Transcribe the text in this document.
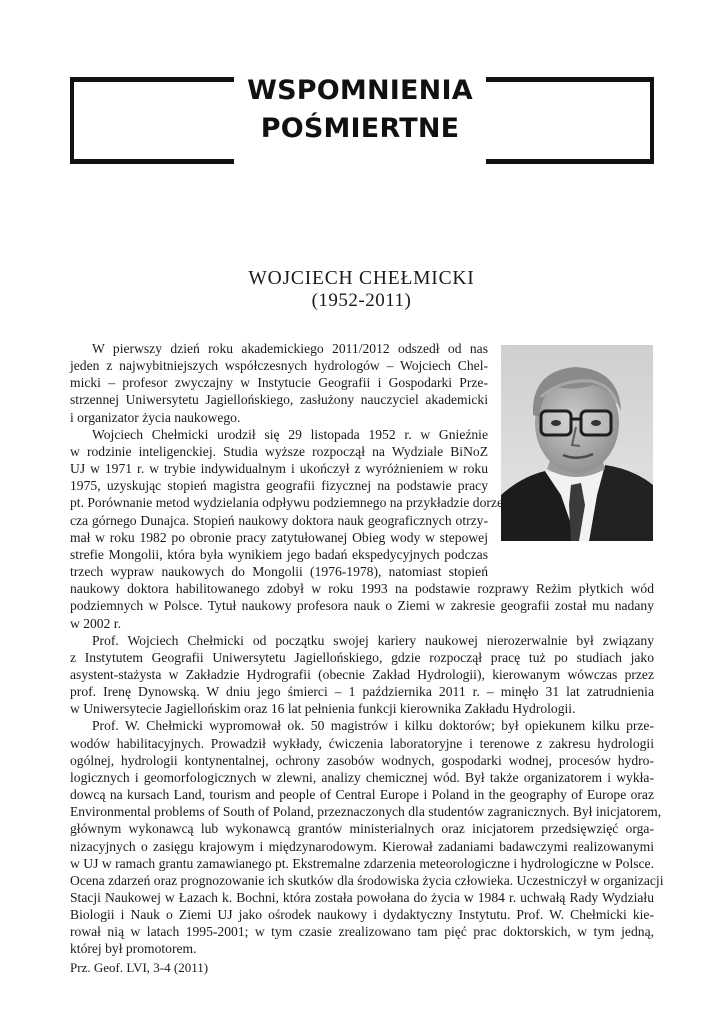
WSPOMNIENIA
POŚMIERTNE
WOJCIECH CHEŁMICKI
(1952-2011)
W pierwszy dzień roku akademickiego 2011/2012 odszedł od nas
jeden z najwybitniejszych współczesnych hydrologów – Wojciech Chel-
micki – profesor zwyczajny w Instytucie Geografii i Gospodarki Prze-
strzennej Uniwersytetu Jagiellońskiego, zasłużony nauczyciel akademicki
i organizator życia naukowego.
Wojciech Chełmicki urodził się 29 listopada 1952 r. w Gnieźnie
w rodzinie inteligenckiej. Studia wyższe rozpoczął na Wydziale BiNoZ
UJ w 1971 r. w trybie indywidualnym i ukończył z wyróżnieniem w roku
1975, uzyskując stopień magistra geografii fizycznej na podstawie pracy
pt. Porównanie metod wydzielania odpływu podziemnego na przykładzie dorze-
cza górnego Dunajca. Stopień naukowy doktora nauk geograficznych otrzy-
mał w roku 1982 po obronie pracy zatytułowanej Obieg wody w stepowej
strefie Mongolii, która była wynikiem jego badań ekspedycyjnych podczas
trzech wypraw naukowych do Mongolii (1976-1978), natomiast stopień
naukowy doktora habilitowanego zdobył w roku 1993 na podstawie rozprawy Reżim płytkich wód
podziemnych w Polsce. Tytuł naukowy profesora nauk o Ziemi w zakresie geografii został mu nadany
w 2002 r.
Prof. Wojciech Chełmicki od początku swojej kariery naukowej nierozerwalnie był związany
z Instytutem Geografii Uniwersytetu Jagiellońskiego, gdzie rozpoczął pracę tuż po studiach jako
asystent-stażysta w Zakładzie Hydrografii (obecnie Zakład Hydrologii), kierowanym wówczas przez
prof. Irenę Dynowską. W dniu jego śmierci – 1 października 2011 r. – minęło 31 lat zatrudnienia
w Uniwersytecie Jagiellońskim oraz 16 lat pełnienia funkcji kierownika Zakładu Hydrologii.
Prof. W. Chełmicki wypromował ok. 50 magistrów i kilku doktorów; był opiekunem kilku prze-
wodów habilitacyjnych. Prowadził wykłady, ćwiczenia laboratoryjne i terenowe z zakresu hydrologii
ogólnej, hydrologii kontynentalnej, ochrony zasobów wodnych, gospodarki wodnej, procesów hydro-
logicznych i geomorfologicznych w zlewni, analizy chemicznej wód. Był także organizatorem i wykła-
dowcą na kursach Land, tourism and people of Central Europe i Poland in the geography of Europe oraz
Environmental problems of South of Poland, przeznaczonych dla studentów zagranicznych. Był inicjatorem,
głównym wykonawcą lub wykonawcą grantów ministerialnych oraz inicjatorem przedsięwzięć orga-
nizacyjnych o zasięgu krajowym i międzynarodowym. Kierował zadaniami badawczymi realizowanymi
w UJ w ramach grantu zamawianego pt. Ekstremalne zdarzenia meteorologiczne i hydrologiczne w Polsce.
Ocena zdarzeń oraz prognozowanie ich skutków dla środowiska życia człowieka. Uczestniczył w organizacji
Stacji Naukowej w Łazach k. Bochni, która została powołana do życia w 1984 r. uchwałą Rady Wydziału
Biologii i Nauk o Ziemi UJ jako ośrodek naukowy i dydaktyczny Instytutu. Prof. W. Chełmicki kie-
rował nią w latach 1995-2001; w tym czasie zrealizowano tam pięć prac doktorskich, w tym jedną,
której był promotorem.
Prz. Geof. LVI, 3-4 (2011)
